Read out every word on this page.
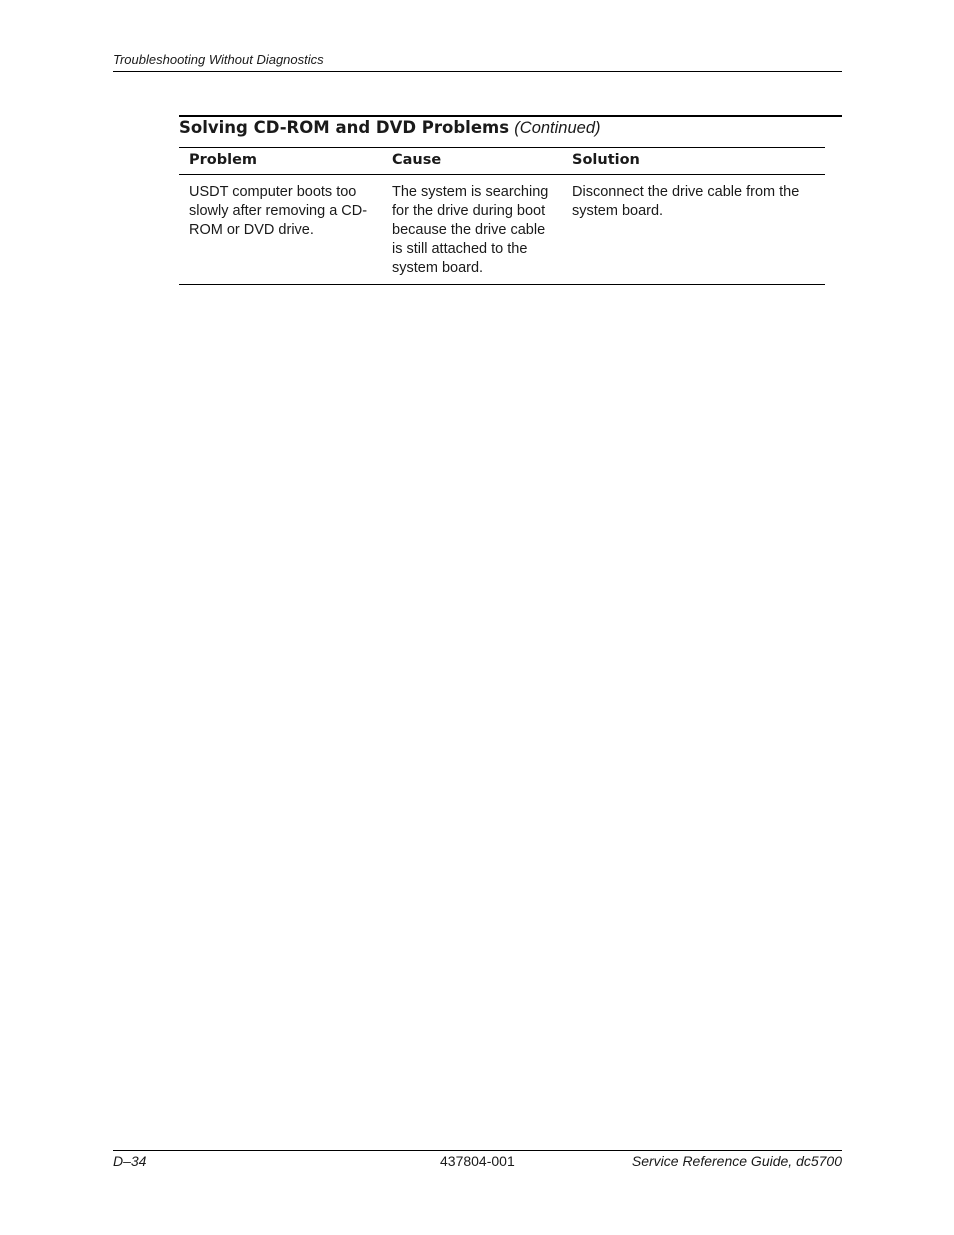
Troubleshooting Without Diagnostics
Solving CD-ROM and DVD Problems (Continued)
Problem	Cause	Solution
USDT computer boots too slowly after removing a CD-ROM or DVD drive.	The system is searching for the drive during boot because the drive cable is still attached to the system board.	Disconnect the drive cable from the system board.
D–34	437804-001	Service Reference Guide, dc5700
